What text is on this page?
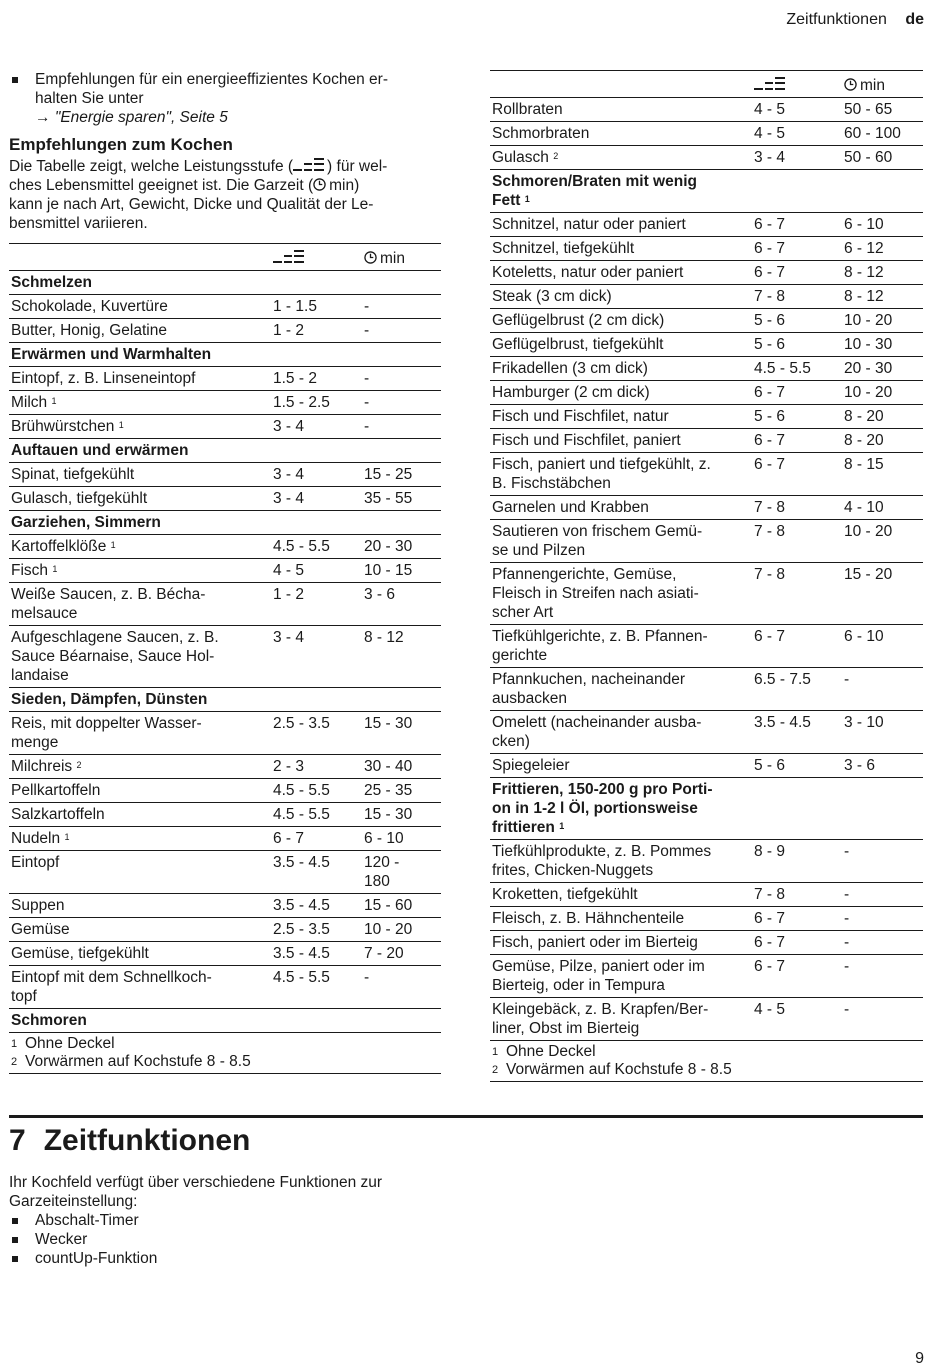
Zeitfunktionen de
Empfehlungen für ein energieeffizientes Kochen er-
halten Sie unter
→ "Energie sparen", Seite 5
Empfehlungen zum Kochen
Die Tabelle zeigt, welche Leistungsstufe ( ) für wel-
ches Lebensmittel geeignet ist. Die Garzeit ( min)
kann je nach Art, Gewicht, Dicke und Qualität der Le-
bensmittel variieren.
		min
Schmelzen		
Schokolade, Kuvertüre	1 - 1.5	-
Butter, Honig, Gelatine	1 - 2	-
Erwärmen und Warmhalten		
Eintopf, z. B. Linseneintopf	1.5 - 2	-
Milch $^1$	1.5 - 2.5	-
Brühwürstchen $^1$	3 - 4	-
Auftauen und erwärmen		
Spinat, tiefgekühlt	3 - 4	15 - 25
Gulasch, tiefgekühlt	3 - 4	35 - 55
Garziehen, Simmern		
Kartoffelklöße $^1$	4.5 - 5.5	20 - 30
Fisch $^1$	4 - 5	10 - 15
Weiße Saucen, z. B. Bécha-
melsauce	1 - 2	3 - 6
Aufgeschlagene Saucen, z. B.
Sauce Béarnaise, Sauce Hol-
landaise	3 - 4	8 - 12
Sieden, Dämpfen, Dünsten		
Reis, mit doppelter Wasser-
menge	2.5 - 3.5	15 - 30
Milchreis $^2$	2 - 3	30 - 40
Pellkartoffeln	4.5 - 5.5	25 - 35
Salzkartoffeln	4.5 - 5.5	15 - 30
Nudeln $^1$	6 - 7	6 - 10
Eintopf	3.5 - 4.5	120 -
180
Suppen	3.5 - 4.5	15 - 60
Gemüse	2.5 - 3.5	10 - 20
Gemüse, tiefgekühlt	3.5 - 4.5	7 - 20
Eintopf mit dem Schnellkoch-
topf	4.5 - 5.5	-
Schmoren		

1 Ohne Deckel
2 Vorwärmen auf Kochstufe 8 - 8.5		
		min
Rollbraten	4 - 5	50 - 65
Schmorbraten	4 - 5	60 - 100
Gulasch $^2$	3 - 4	50 - 60
Schmoren/Braten mit wenig
Fett $^1$		
Schnitzel, natur oder paniert	6 - 7	6 - 10
Schnitzel, tiefgekühlt	6 - 7	6 - 12
Koteletts, natur oder paniert	6 - 7	8 - 12
Steak (3 cm dick)	7 - 8	8 - 12
Geflügelbrust (2 cm dick)	5 - 6	10 - 20
Geflügelbrust, tiefgekühlt	5 - 6	10 - 30
Frikadellen (3 cm dick)	4.5 - 5.5	20 - 30
Hamburger (2 cm dick)	6 - 7	10 - 20
Fisch und Fischfilet, natur	5 - 6	8 - 20
Fisch und Fischfilet, paniert	6 - 7	8 - 20
Fisch, paniert und tiefgekühlt, z.
B. Fischstäbchen	6 - 7	8 - 15
Garnelen und Krabben	7 - 8	4 - 10
Sautieren von frischem Gemü-
se und Pilzen	7 - 8	10 - 20
Pfannengerichte, Gemüse,
Fleisch in Streifen nach asiati-
scher Art	7 - 8	15 - 20
Tiefkühlgerichte, z. B. Pfannen-
gerichte	6 - 7	6 - 10
Pfannkuchen, nacheinander
ausbacken	6.5 - 7.5	-
Omelett (nacheinander ausba-
cken)	3.5 - 4.5	3 - 10
Spiegeleier	5 - 6	3 - 6
Frittieren, 150-200 g pro Porti-
on in 1-2 l Öl, portionsweise
frittieren $^1$		
Tiefkühlprodukte, z. B. Pommes
frites, Chicken-Nuggets	8 - 9	-
Kroketten, tiefgekühlt	7 - 8	-
Fleisch, z. B. Hähnchenteile	6 - 7	-
Fisch, paniert oder im Bierteig	6 - 7	-
Gemüse, Pilze, paniert oder im
Bierteig, oder in Tempura	6 - 7	-
Kleingebäck, z. B. Krapfen/Ber-
liner, Obst im Bierteig	4 - 5	-

1 Ohne Deckel
2 Vorwärmen auf Kochstufe 8 - 8.5		
7 Zeitfunktionen
Ihr Kochfeld verfügt über verschiedene Funktionen zur
Garzeiteinstellung:
Abschalt-Timer
Wecker
countUp-Funktion
9
